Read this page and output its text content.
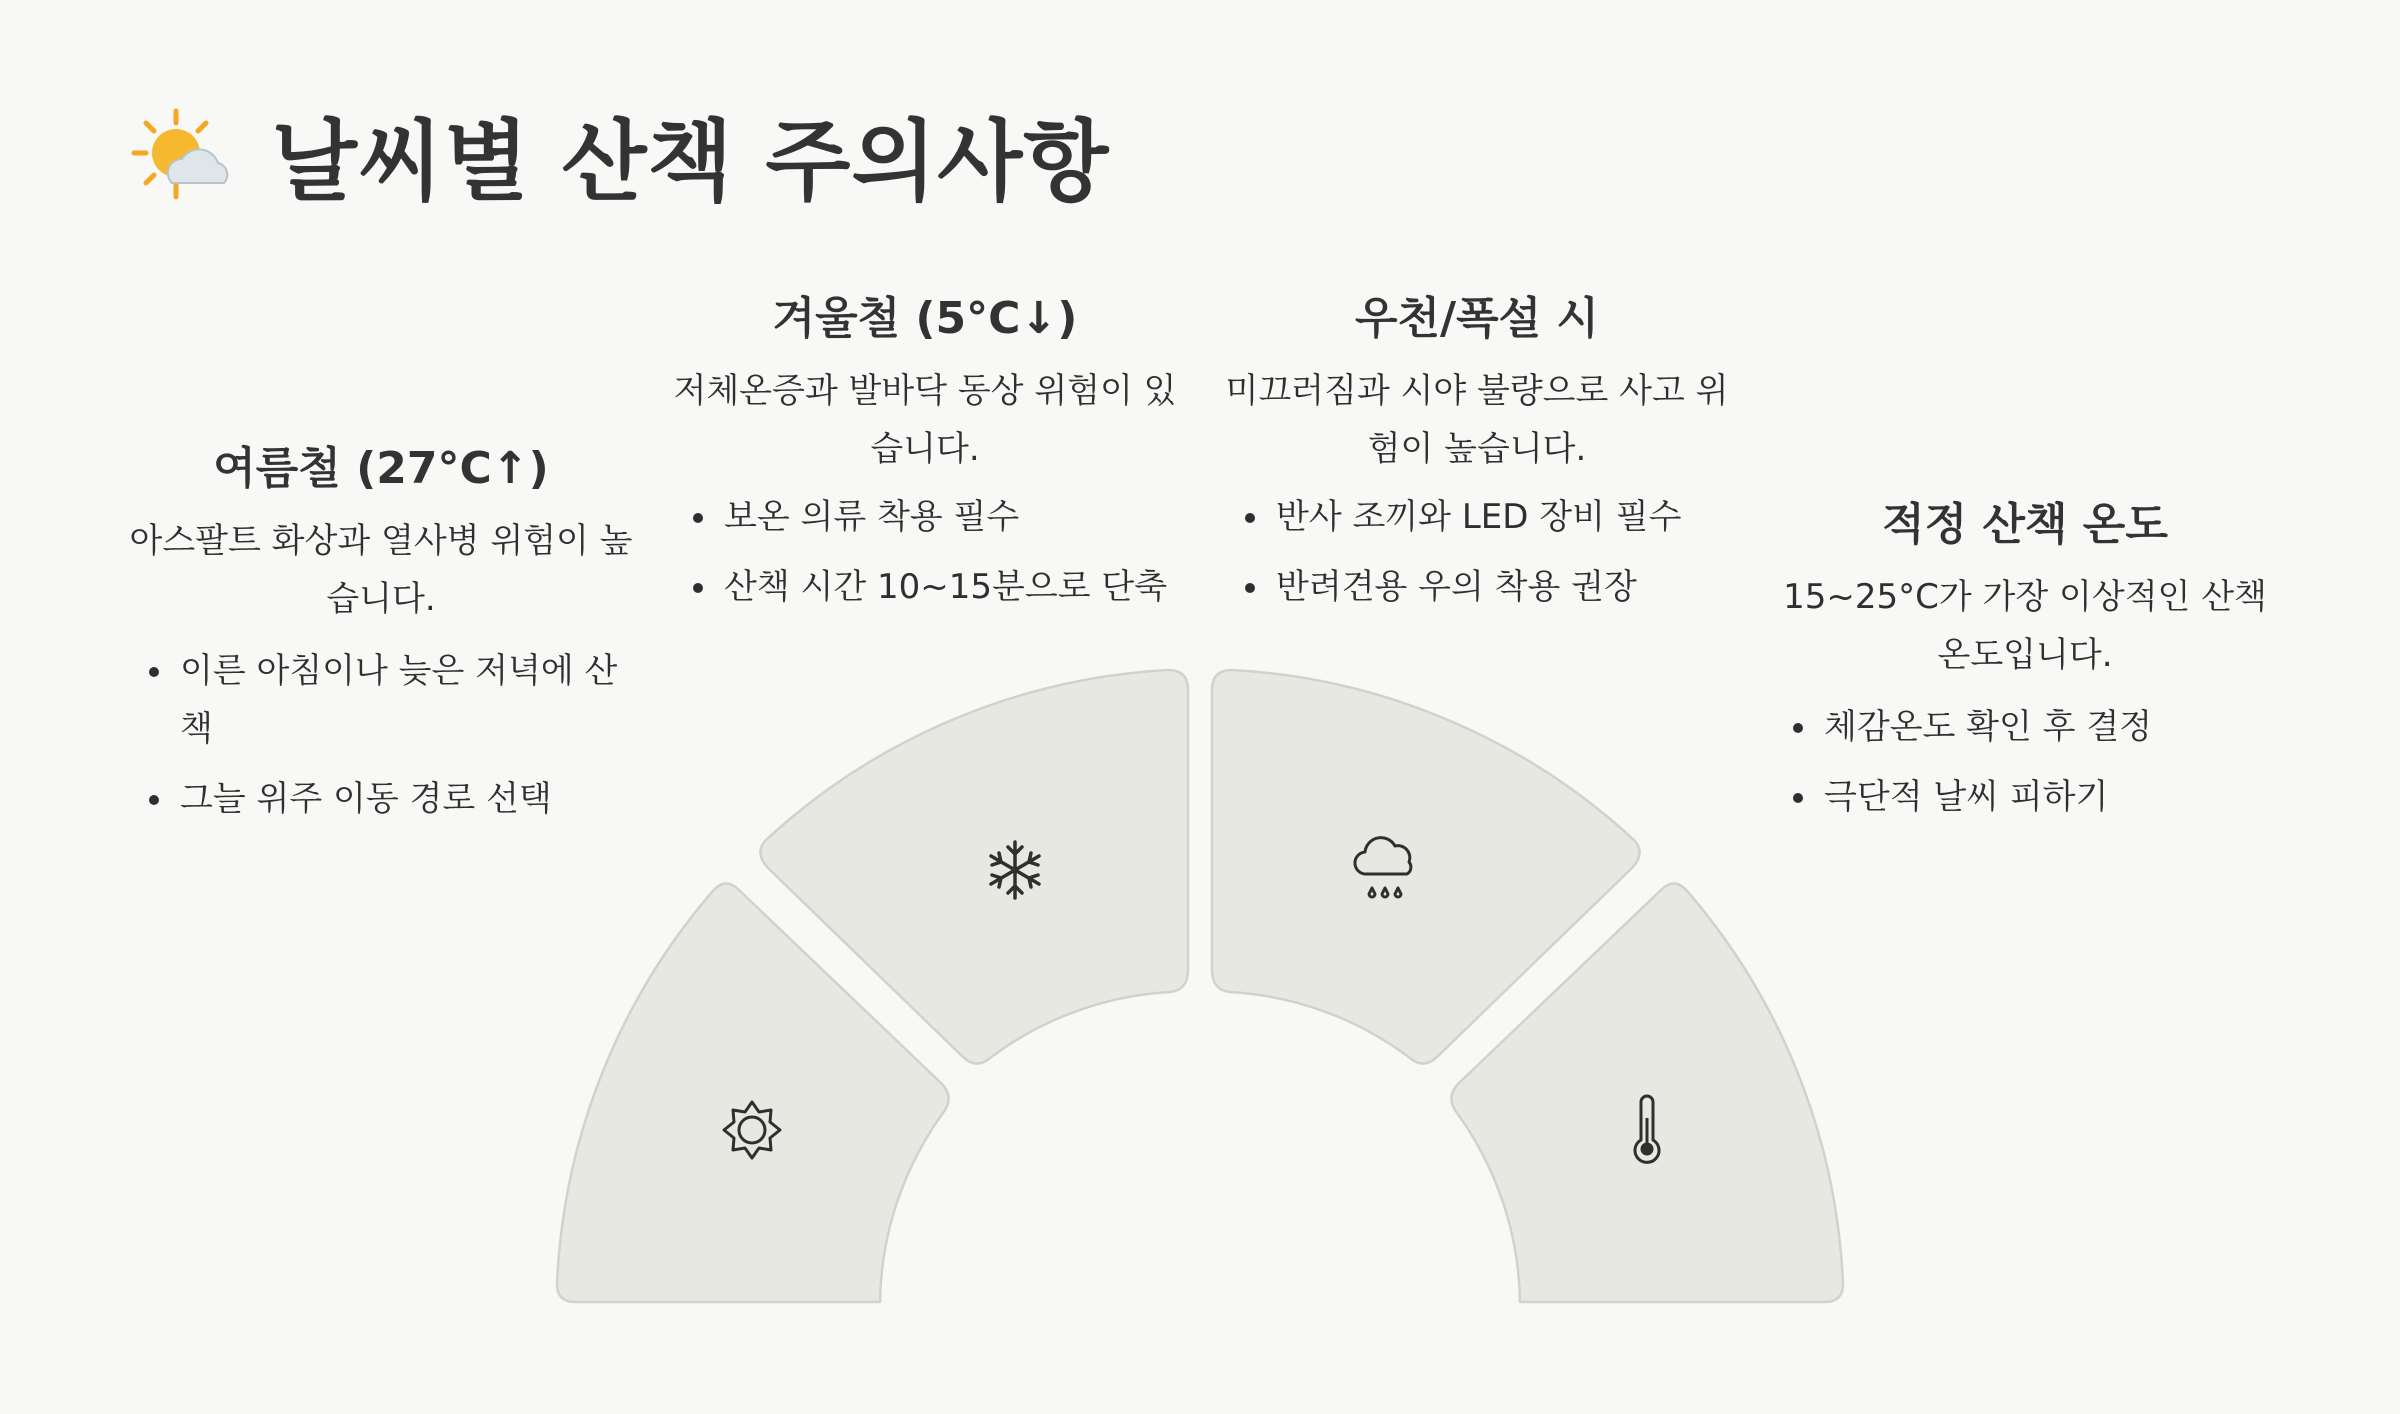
날씨별 산책 주의사항
여름철 (27°C↑)
아스팔트 화상과 열사병 위험이 높습니다.
• 이른 아침이나 늦은 저녁에 산책
• 그늘 위주 이동 경로 선택
겨울철 (5°C↓)
저체온증과 발바닥 동상 위험이 있습니다.
• 보온 의류 착용 필수
• 산책 시간 10~15분으로 단축
우천/폭설 시
미끄러짐과 시야 불량으로 사고 위험이 높습니다.
• 반사 조끼와 LED 장비 필수
• 반려견용 우의 착용 권장
적정 산책 온도
15~25°C가 가장 이상적인 산책 온도입니다.
• 체감온도 확인 후 결정
• 극단적 날씨 피하기
